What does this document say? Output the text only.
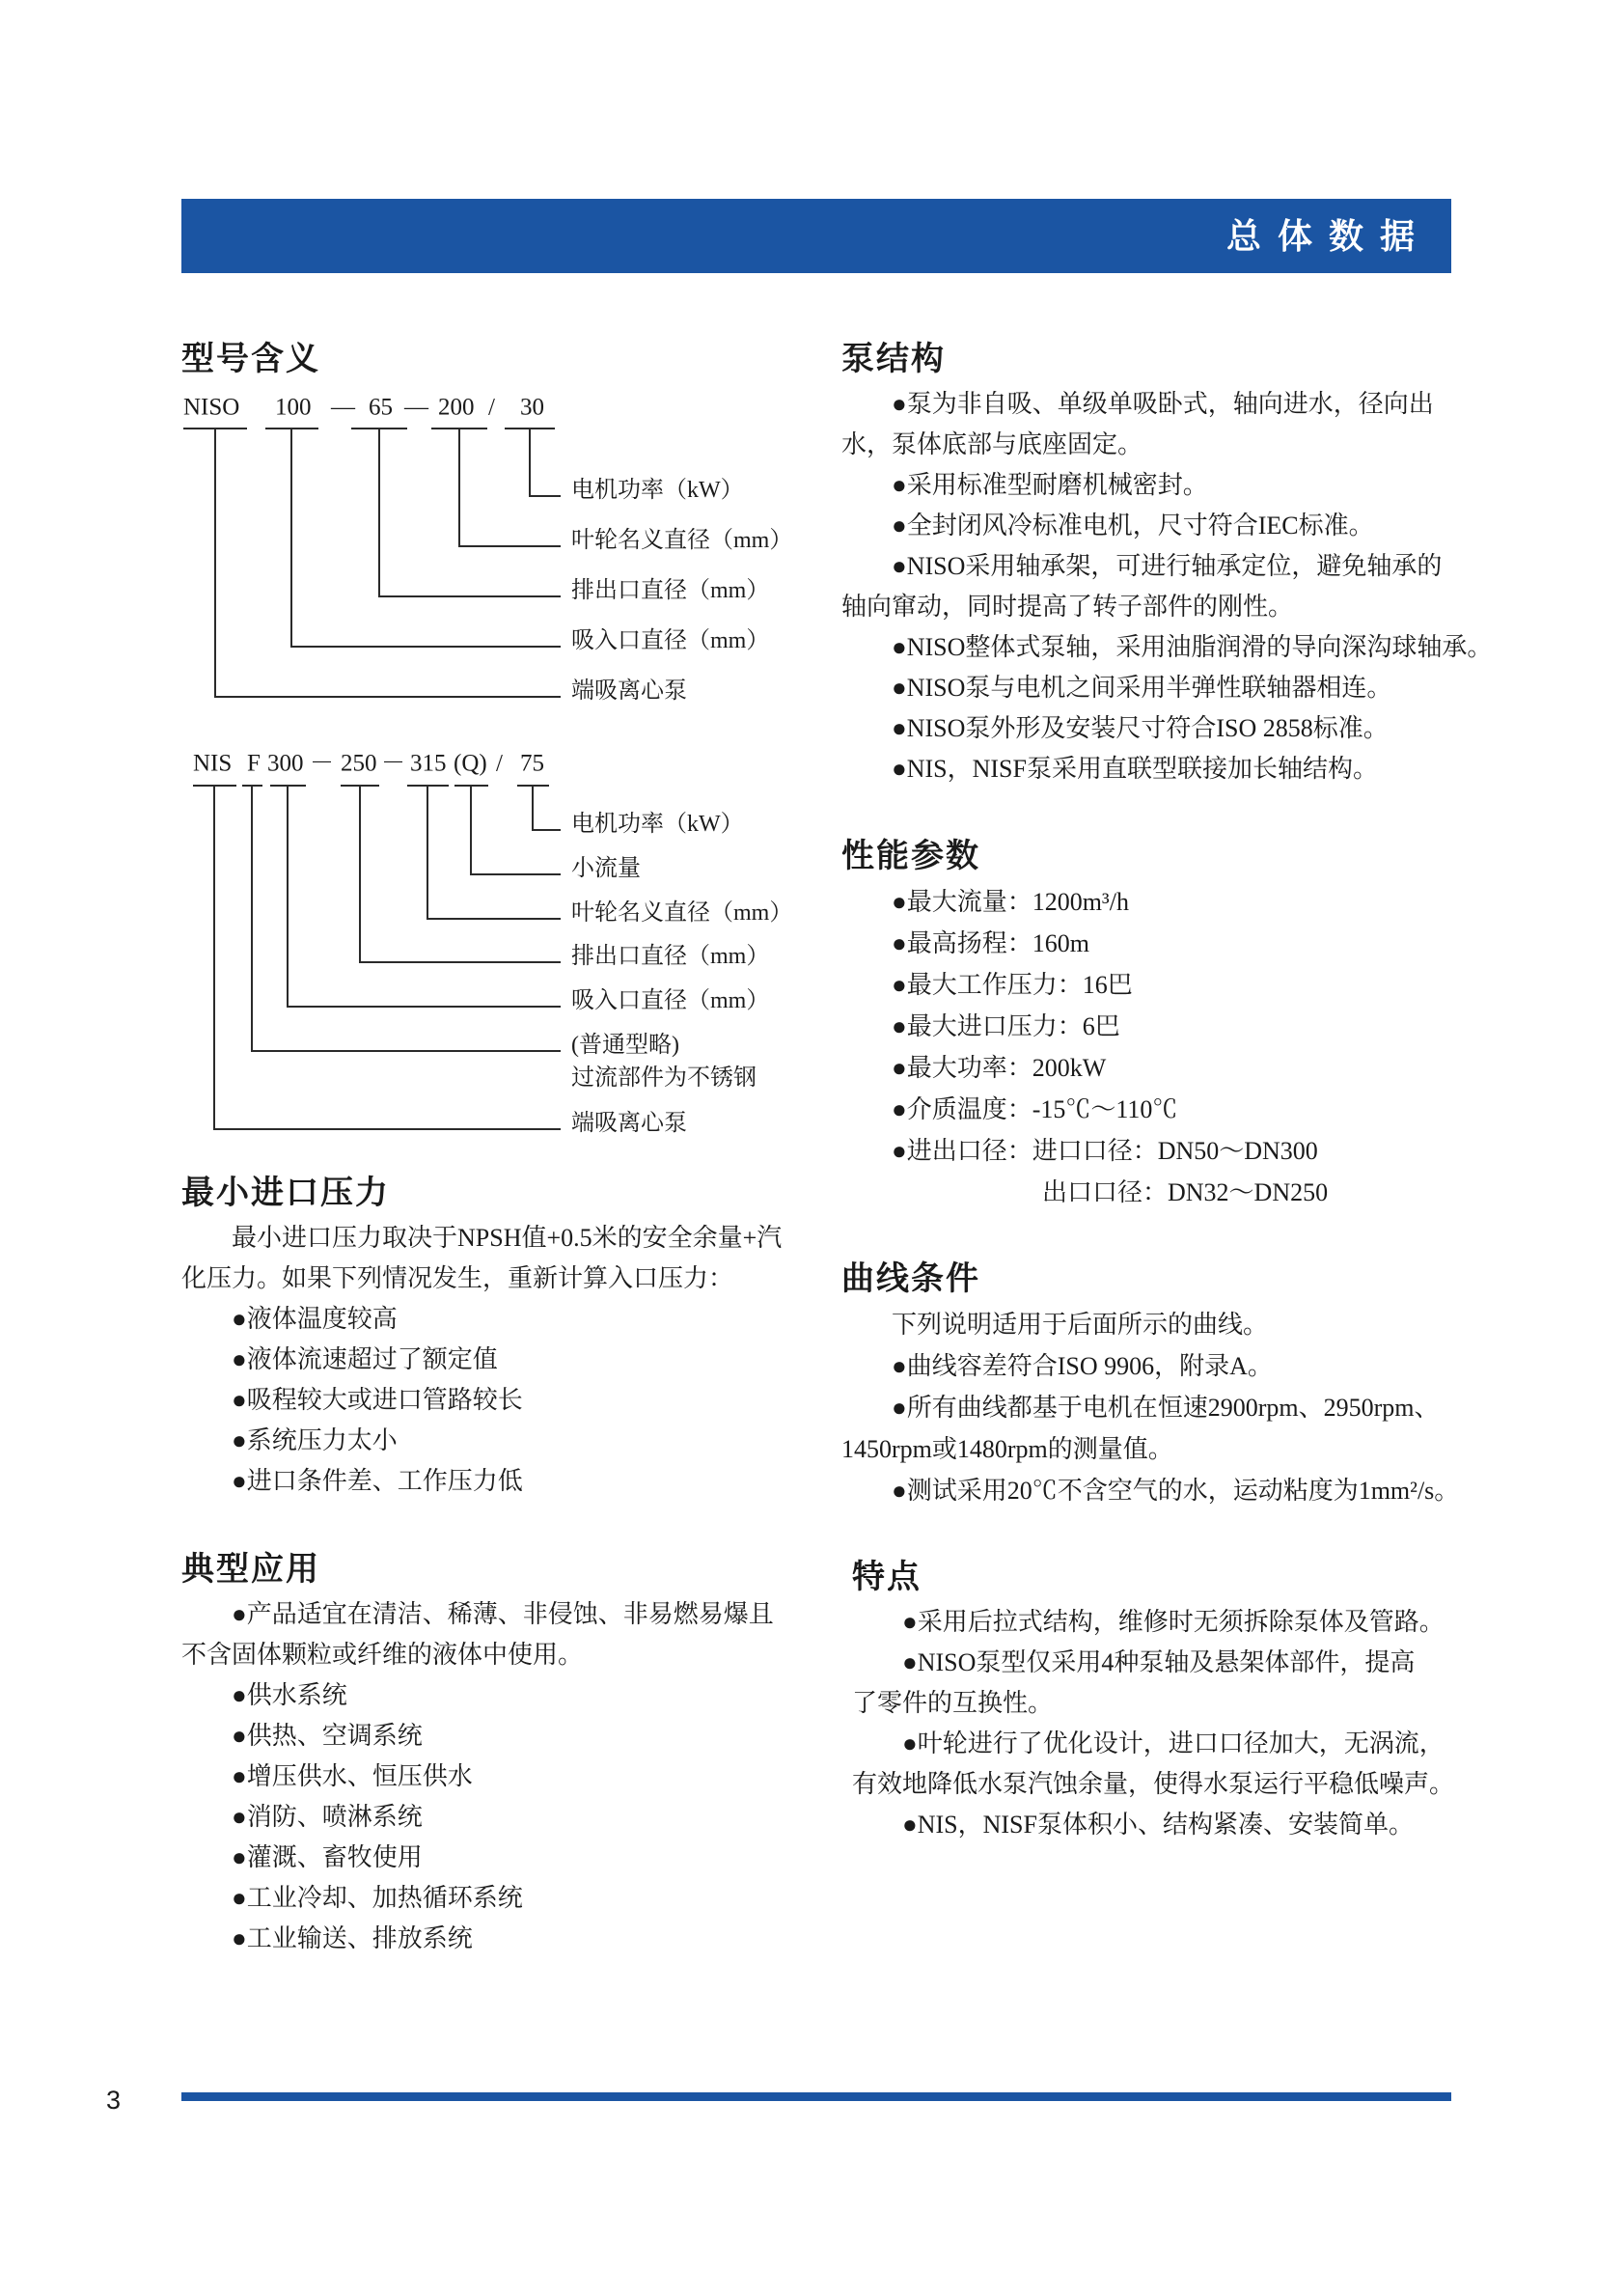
总体数据
型号含义
NISO 100 — 65 — 200 / 30
电机功率（kW）
叶轮名义直径（mm）
排出口直径（mm）
吸入口直径（mm）
端吸离心泵
NIS F 300 － 250 － 315 (Q) / 75
电机功率（kW）
小流量
叶轮名义直径（mm）
排出口直径（mm）
吸入口直径（mm）
(普通型略)
过流部件为不锈钢
端吸离心泵
最小进口压力
最小进口压力取决于NPSH值+0.5米的安全余量+汽
化压力。如果下列情况发生，重新计算入口压力：
●液体温度较高
●液体流速超过了额定值
●吸程较大或进口管路较长
●系统压力太小
●进口条件差、工作压力低
典型应用
●产品适宜在清洁、稀薄、非侵蚀、非易燃易爆且
不含固体颗粒或纤维的液体中使用。
●供水系统
●供热、空调系统
●增压供水、恒压供水
●消防、喷淋系统
●灌溉、畜牧使用
●工业冷却、加热循环系统
●工业输送、排放系统
泵结构
●泵为非自吸、单级单吸卧式，轴向进水，径向出
水，泵体底部与底座固定。
●采用标准型耐磨机械密封。
●全封闭风冷标准电机，尺寸符合IEC标准。
●NISO采用轴承架，可进行轴承定位，避免轴承的
轴向窜动，同时提高了转子部件的刚性。
●NISO整体式泵轴，采用油脂润滑的导向深沟球轴承。
●NISO泵与电机之间采用半弹性联轴器相连。
●NISO泵外形及安装尺寸符合ISO 2858标准。
●NIS，NISF泵采用直联型联接加长轴结构。
性能参数
●最大流量：1200m³/h
●最高扬程：160m
●最大工作压力：16巴
●最大进口压力：6巴
●最大功率：200kW
●介质温度：-15℃～110℃
●进出口径：进口口径：DN50～DN300
出口口径：DN32～DN250
曲线条件
下列说明适用于后面所示的曲线。
●曲线容差符合ISO 9906，附录A。
●所有曲线都基于电机在恒速2900rpm、2950rpm、
1450rpm或1480rpm的测量值。
●测试采用20℃不含空气的水，运动粘度为1mm²/s。
特点
●采用后拉式结构，维修时无须拆除泵体及管路。
●NISO泵型仅采用4种泵轴及悬架体部件，提高
了零件的互换性。
●叶轮进行了优化设计，进口口径加大，无涡流，
有效地降低水泵汽蚀余量，使得水泵运行平稳低噪声。
●NIS，NISF泵体积小、结构紧凑、安装简单。
3
